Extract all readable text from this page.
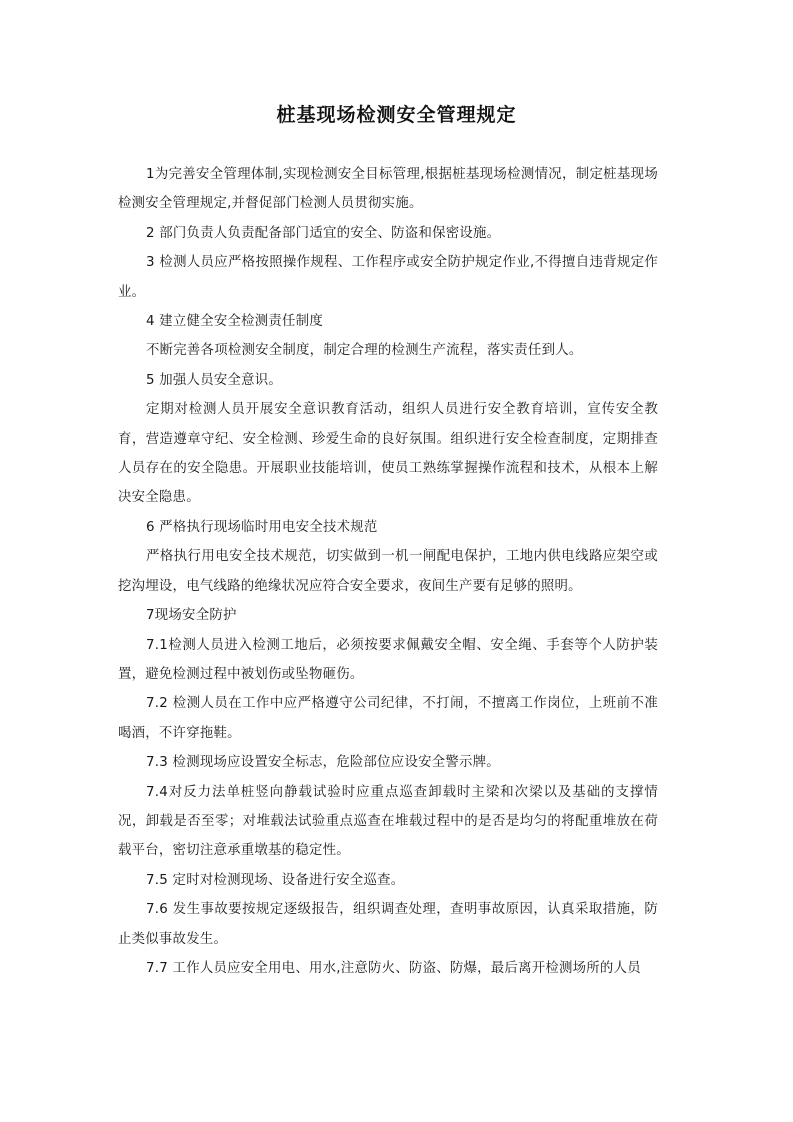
桩基现场检测安全管理规定

1为完善安全管理体制,实现检测安全目标管理,根据桩基现场检测情况，制定桩基现场检测安全管理规定,并督促部门检测人员贯彻实施。

2 部门负责人负责配备部门适宜的安全、防盗和保密设施。

3 检测人员应严格按照操作规程、工作程序或安全防护规定作业,不得擅自违背规定作业。

4 建立健全安全检测责任制度

不断完善各项检测安全制度，制定合理的检测生产流程，落实责任到人。

5 加强人员安全意识。

定期对检测人员开展安全意识教育活动，组织人员进行安全教育培训，宣传安全教育，营造遵章守纪、安全检测、珍爱生命的良好氛围。组织进行安全检查制度，定期排查人员存在的安全隐患。开展职业技能培训，使员工熟练掌握操作流程和技术，从根本上解决安全隐患。

6 严格执行现场临时用电安全技术规范

严格执行用电安全技术规范，切实做到一机一闸配电保护，工地内供电线路应架空或挖沟埋设，电气线路的绝缘状况应符合安全要求，夜间生产要有足够的照明。

7现场安全防护

7.1检测人员进入检测工地后，必须按要求佩戴安全帽、安全绳、手套等个人防护装置，避免检测过程中被划伤或坠物砸伤。

7.2 检测人员在工作中应严格遵守公司纪律，不打闹，不擅离工作岗位，上班前不准喝酒，不许穿拖鞋。

7.3 检测现场应设置安全标志，危险部位应设安全警示牌。

7.4对反力法单桩竖向静载试验时应重点巡查卸载时主梁和次梁以及基础的支撑情况，卸载是否至零；对堆载法试验重点巡查在堆载过程中的是否是均匀的将配重堆放在荷载平台，密切注意承重墩基的稳定性。

7.5 定时对检测现场、设备进行安全巡查。

7.6 发生事故要按规定逐级报告，组织调查处理，查明事故原因，认真采取措施，防止类似事故发生。

7.7 工作人员应安全用电、用水,注意防火、防盗、防爆，最后离开检测场所的人员
